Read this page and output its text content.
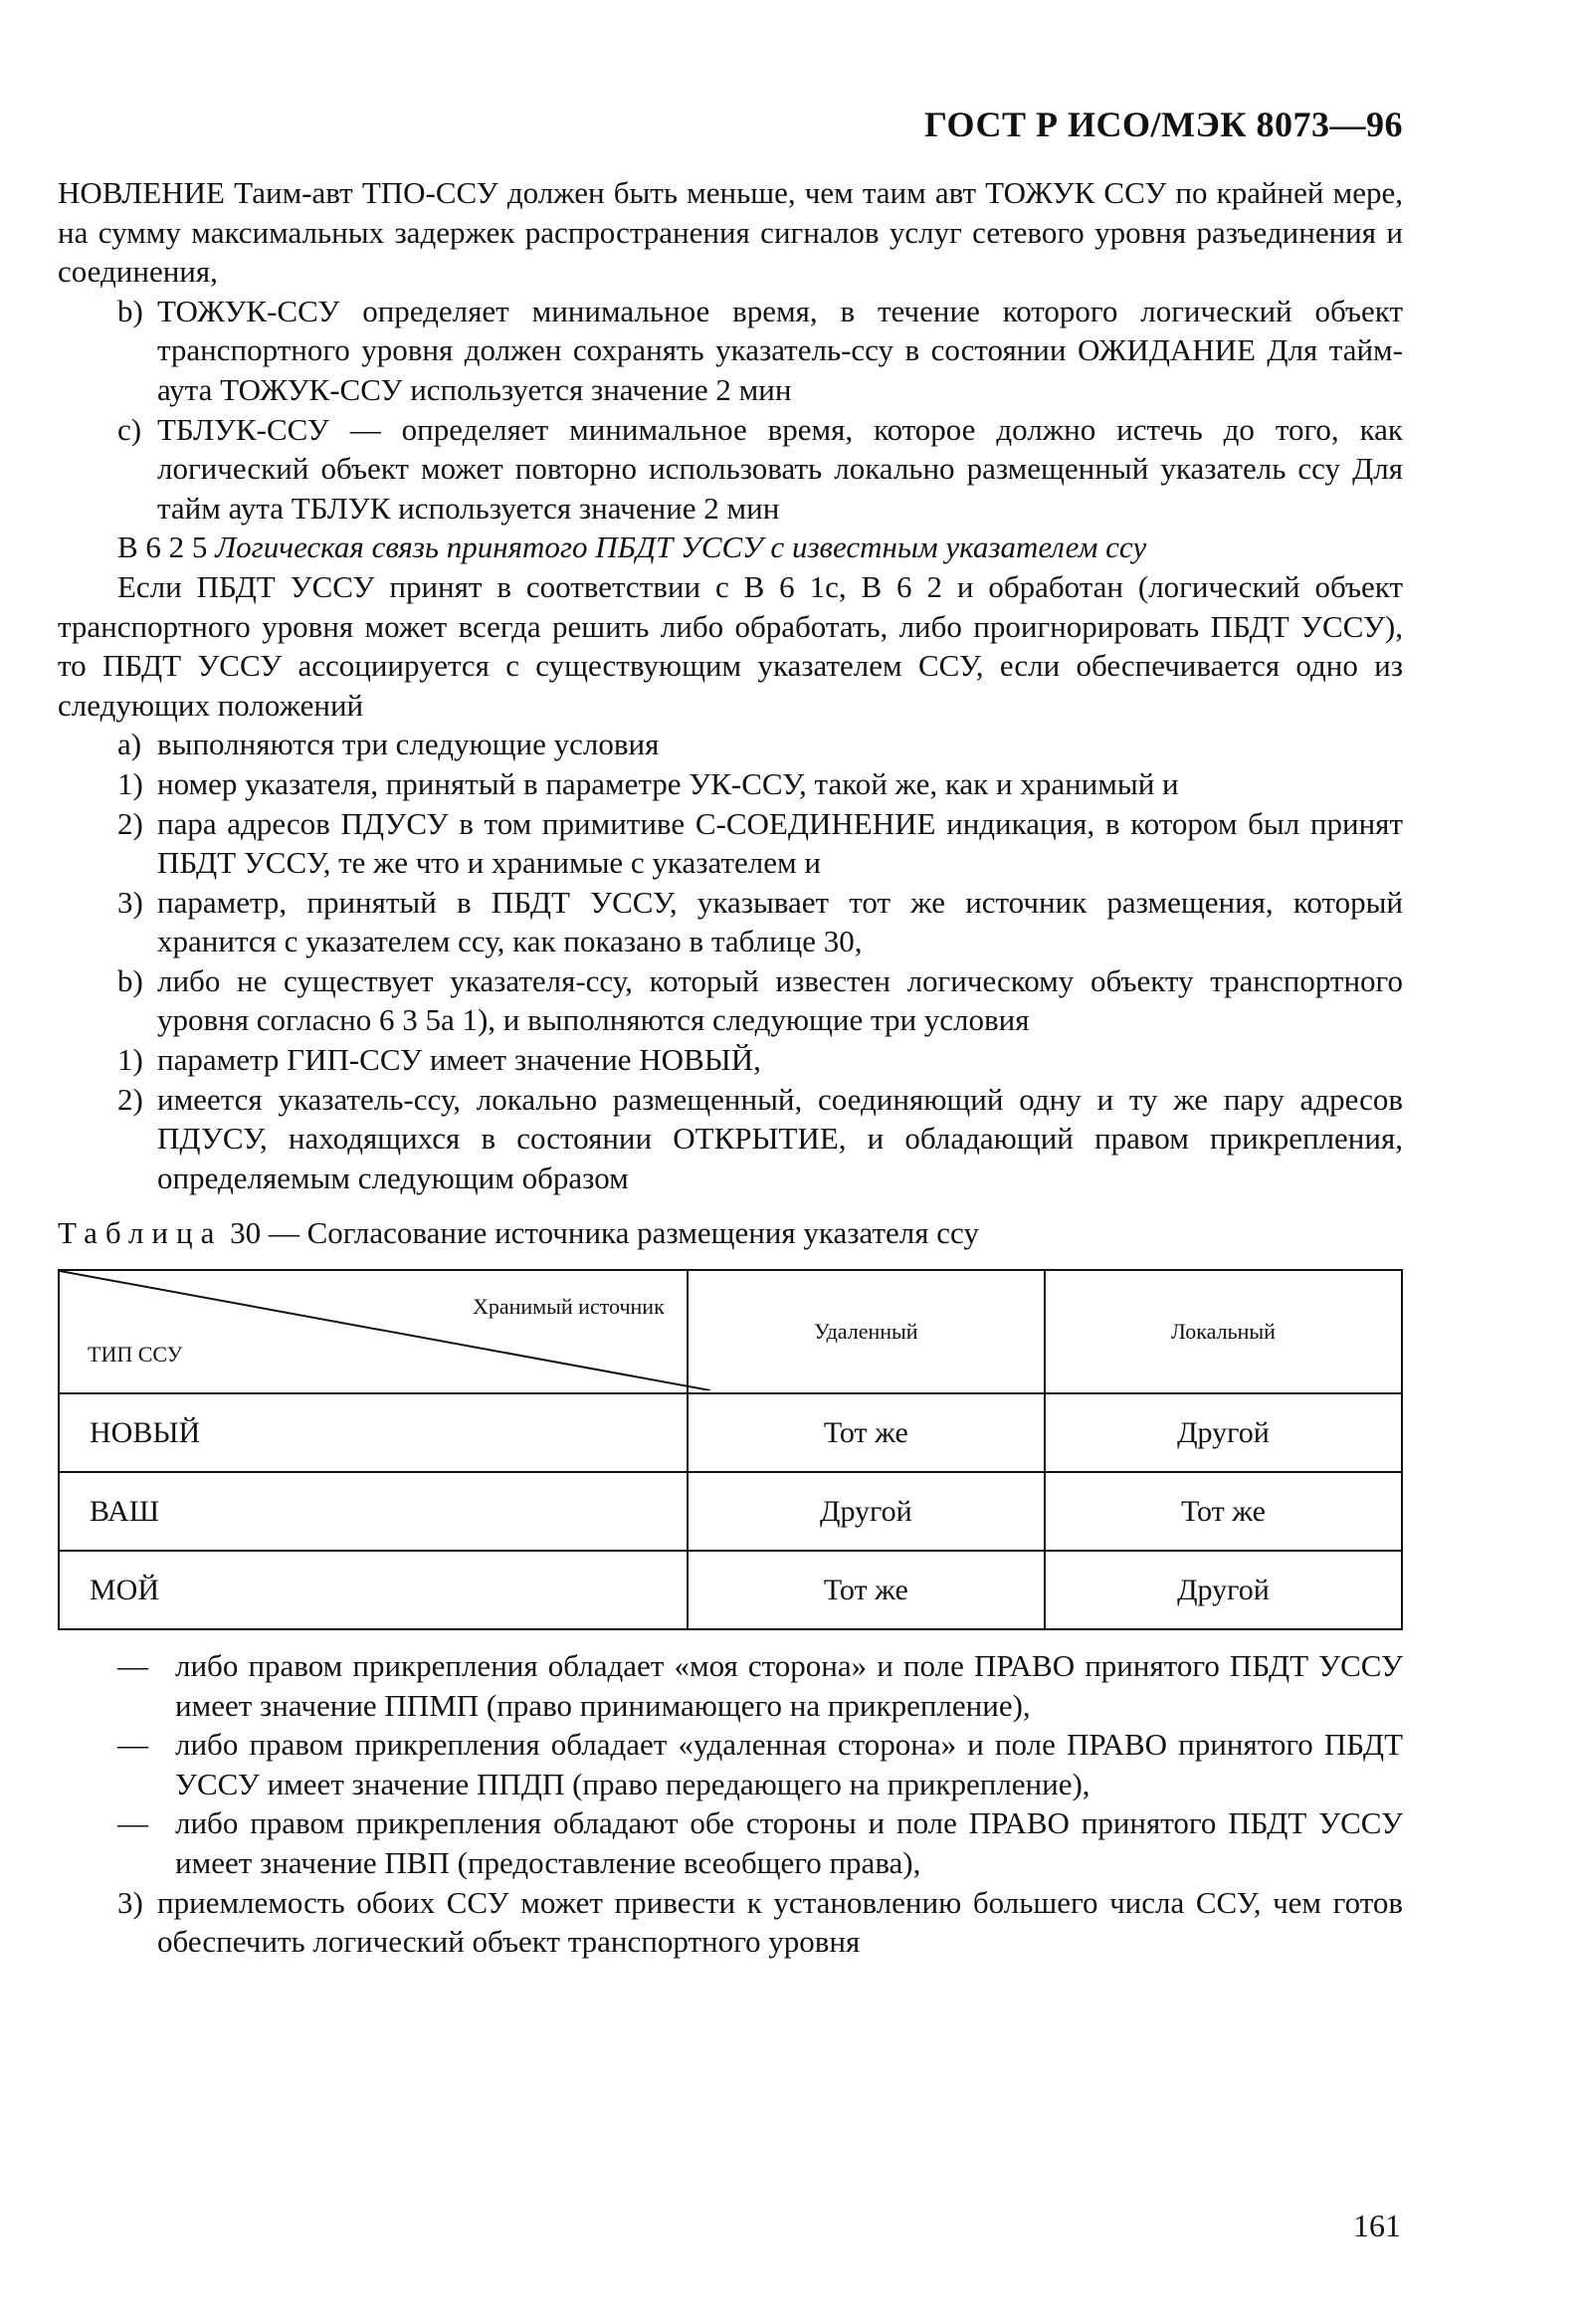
ГОСТ Р ИСО/МЭК 8073—96

НОВЛЕНИЕ Таим-авт ТПО-ССУ должен быть меньше, чем таим авт ТОЖУК ССУ по крайней мере, на сумму максимальных задержек распространения сигналов услуг сетевого уровня разъединения и соединения,

b) ТОЖУК-ССУ определяет минимальное время, в течение которого логический объект транспортного уровня должен сохранять указатель-ссу в состоянии ОЖИДАНИЕ Для тайм-аута ТОЖУК-ССУ используется значение 2 мин

с) ТБЛУК-ССУ — определяет минимальное время, которое должно истечь до того, как логический объект может повторно использовать локально размещенный указатель ссу Для тайм аута ТБЛУК используется значение 2 мин

В 6 2 5 Логическая связь принятого ПБДТ УССУ с известным указателем ссу

Если ПБДТ УССУ принят в соответствии с В 6 1с, В 6 2 и обработан (логический объект транспортного уровня может всегда решить либо обработать, либо проигнорировать ПБДТ УССУ), то ПБДТ УССУ ассоциируется с существующим указателем ССУ, если обеспечивается одно из следующих положений

а) выполняются три следующие условия

1) номер указателя, принятый в параметре УК-ССУ, такой же, как и хранимый и

2) пара адресов ПДУСУ в том примитиве С-СОЕДИНЕНИЕ индикация, в котором был принят ПБДТ УССУ, те же что и хранимые с указателем и

3) параметр, принятый в ПБДТ УССУ, указывает тот же источник размещения, который хранится с указателем ссу, как показано в таблице 30,

b) либо не существует указателя-ссу, который известен логическому объекту транспортного уровня согласно 6 3 5а 1), и выполняются следующие три условия

1) параметр ГИП-ССУ имеет значение НОВЫЙ,

2) имеется указатель-ссу, локально размещенный, соединяющий одну и ту же пару адресов ПДУСУ, находящихся в состоянии ОТКРЫТИЕ, и обладающий правом прикрепления, определяемым следующим образом

Таблица 30 — Согласование источника размещения указателя ссу

Хранимый источник
ТИП ССУ	Удаленный	Локальный
НОВЫЙ	Тот же	Другой
ВАШ	Другой	Тот же
МОЙ	Тот же	Другой

— либо правом прикрепления обладает «моя сторона» и поле ПРАВО принятого ПБДТ УССУ имеет значение ППМП (право принимающего на прикрепление),

— либо правом прикрепления обладает «удаленная сторона» и поле ПРАВО принятого ПБДТ УССУ имеет значение ППДП (право передающего на прикрепление),

— либо правом прикрепления обладают обе стороны и поле ПРАВО принятого ПБДТ УССУ имеет значение ПВП (предоставление всеобщего права),

3) приемлемость обоих ССУ может привести к установлению большего числа ССУ, чем готов обеспечить логический объект транспортного уровня

161
